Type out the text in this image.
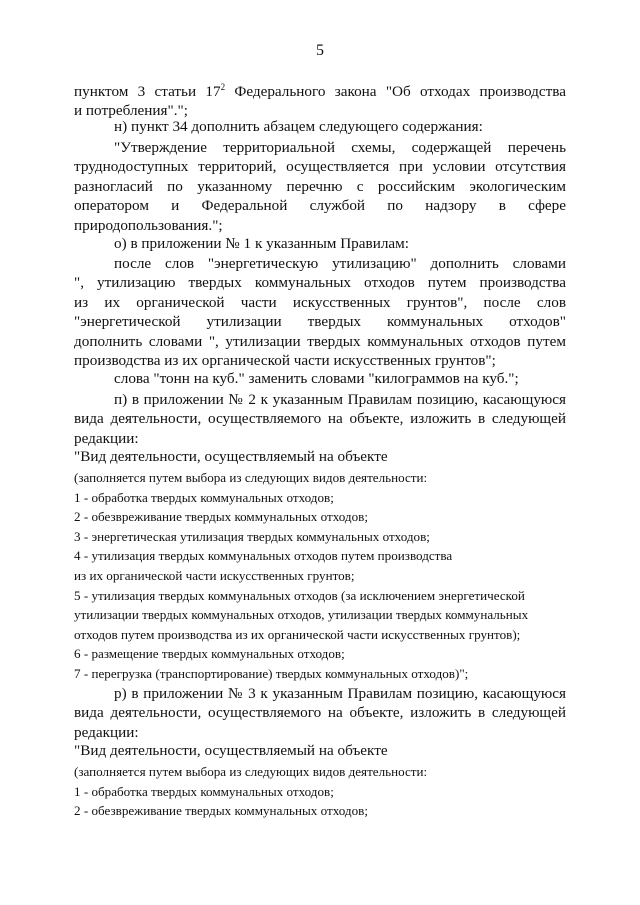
5
пунктом 3 статьи $17^2$ Федерального закона "Об отходах производства
и потребления".";
н) пункт 34 дополнить абзацем следующего содержания:
"Утверждение территориальной схемы, содержащей перечень
труднодоступных территорий, осуществляется при условии отсутствия
разногласий по указанному перечню с российским экологическим
оператором и Федеральной службой по надзору в сфере
природопользования.";
о) в приложении № 1 к указанным Правилам:
после слов "энергетическую утилизацию" дополнить словами
", утилизацию твердых коммунальных отходов путем производства
из их органической части искусственных грунтов", после слов
"энергетической утилизации твердых коммунальных отходов"
дополнить словами ", утилизации твердых коммунальных отходов путем
производства из их органической части искусственных грунтов";
слова "тонн на куб." заменить словами "килограммов на куб.";
п) в приложении № 2 к указанным Правилам позицию, касающуюся
вида деятельности, осуществляемого на объекте, изложить в следующей
редакции:
"Вид деятельности, осуществляемый на объекте
(заполняется путем выбора из следующих видов деятельности:
1 - обработка твердых коммунальных отходов;
2 - обезвреживание твердых коммунальных отходов;
3 - энергетическая утилизация твердых коммунальных отходов;
4 - утилизация твердых коммунальных отходов путем производства
из их органической части искусственных грунтов;
5 - утилизация твердых коммунальных отходов (за исключением энергетической
утилизации твердых коммунальных отходов, утилизации твердых коммунальных
отходов путем производства из их органической части искусственных грунтов);
6 - размещение твердых коммунальных отходов;
7 - перегрузка (транспортирование) твердых коммунальных отходов)";
р) в приложении № 3 к указанным Правилам позицию, касающуюся
вида деятельности, осуществляемого на объекте, изложить в следующей
редакции:
"Вид деятельности, осуществляемый на объекте
(заполняется путем выбора из следующих видов деятельности:
1 - обработка твердых коммунальных отходов;
2 - обезвреживание твердых коммунальных отходов;
